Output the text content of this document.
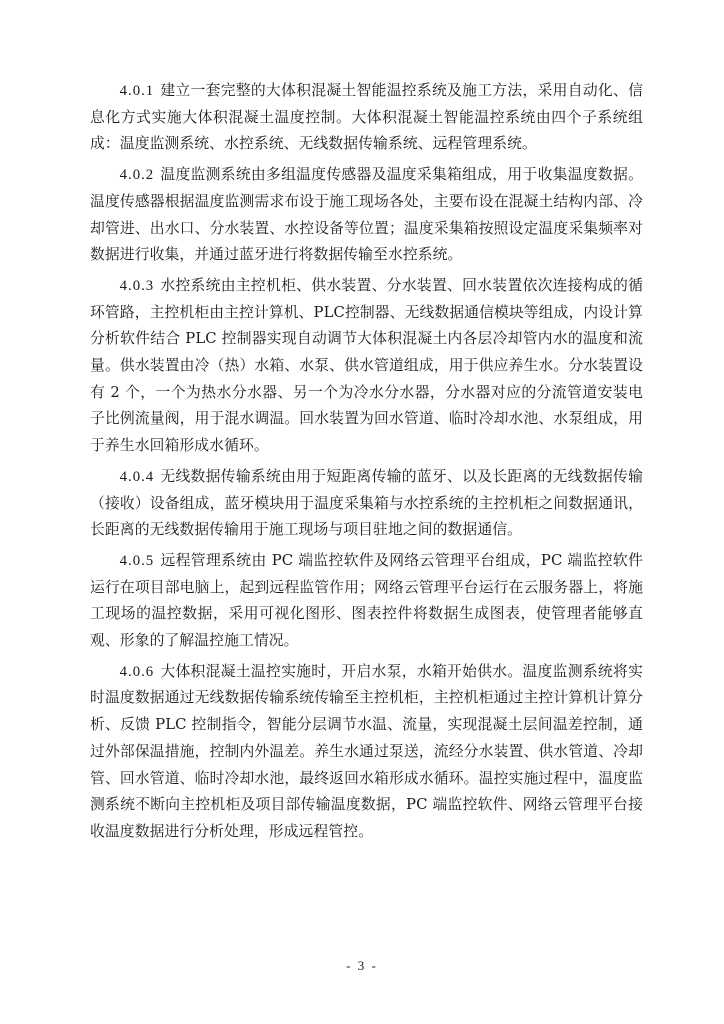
4.0.1 建立一套完整的大体积混凝土智能温控系统及施工方法，采用自动化、信息化方式实施大体积混凝土温度控制。大体积混凝土智能温控系统由四个子系统组成：温度监测系统、水控系统、无线数据传输系统、远程管理系统。

4.0.2 温度监测系统由多组温度传感器及温度采集箱组成，用于收集温度数据。温度传感器根据温度监测需求布设于施工现场各处，主要布设在混凝土结构内部、冷却管进、出水口、分水装置、水控设备等位置；温度采集箱按照设定温度采集频率对数据进行收集，并通过蓝牙进行将数据传输至水控系统。

4.0.3 水控系统由主控机柜、供水装置、分水装置、回水装置依次连接构成的循环管路，主控机柜由主控计算机、PLC控制器、无线数据通信模块等组成，内设计算分析软件结合 PLC 控制器实现自动调节大体积混凝土内各层冷却管内水的温度和流量。供水装置由冷（热）水箱、水泵、供水管道组成，用于供应养生水。分水装置设有 2 个，一个为热水分水器、另一个为冷水分水器，分水器对应的分流管道安装电子比例流量阀，用于混水调温。回水装置为回水管道、临时冷却水池、水泵组成，用于养生水回箱形成水循环。

4.0.4 无线数据传输系统由用于短距离传输的蓝牙、以及长距离的无线数据传输（接收）设备组成，蓝牙模块用于温度采集箱与水控系统的主控机柜之间数据通讯，长距离的无线数据传输用于施工现场与项目驻地之间的数据通信。

4.0.5 远程管理系统由 PC 端监控软件及网络云管理平台组成，PC 端监控软件运行在项目部电脑上，起到远程监管作用；网络云管理平台运行在云服务器上，将施工现场的温控数据，采用可视化图形、图表控件将数据生成图表，使管理者能够直观、形象的了解温控施工情况。

4.0.6 大体积混凝土温控实施时，开启水泵，水箱开始供水。温度监测系统将实时温度数据通过无线数据传输系统传输至主控机柜，主控机柜通过主控计算机计算分析、反馈 PLC 控制指令，智能分层调节水温、流量，实现混凝土层间温差控制，通过外部保温措施，控制内外温差。养生水通过泵送，流经分水装置、供水管道、冷却管、回水管道、临时冷却水池，最终返回水箱形成水循环。温控实施过程中，温度监测系统不断向主控机柜及项目部传输温度数据，PC 端监控软件、网络云管理平台接收温度数据进行分析处理，形成远程管控。

- 3 -
